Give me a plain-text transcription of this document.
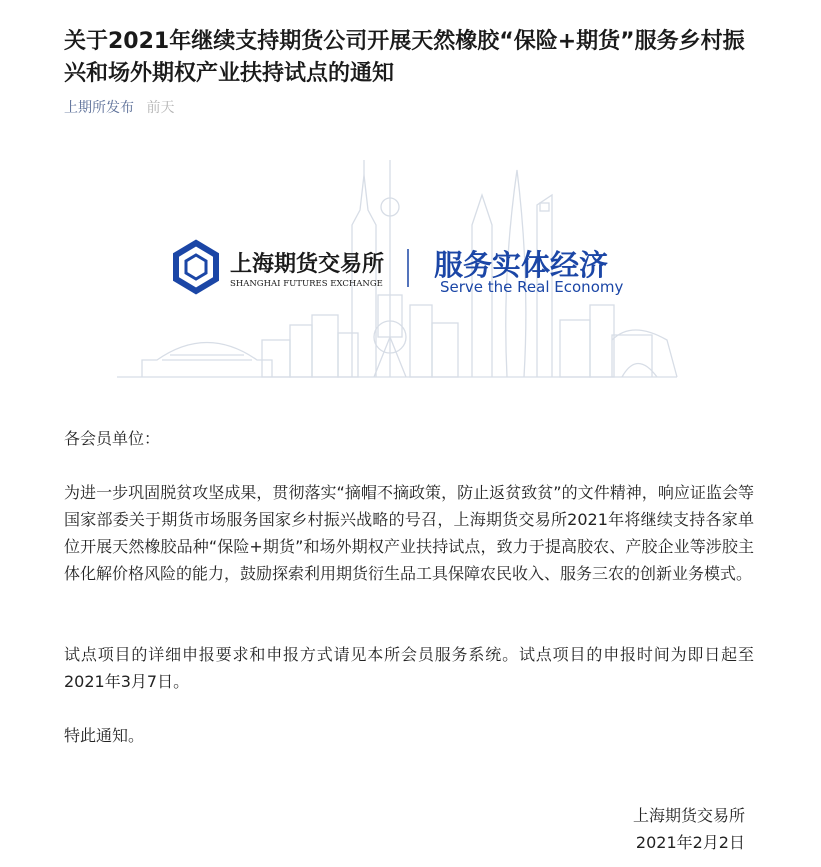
关于2021年继续支持期货公司开展天然橡胶“保险+期货”服务乡村振兴和场外期权产业扶持试点的通知
上期所发布 前天
上海期货交易所
SHANGHAI FUTURES EXCHANGE
服务实体经济
Serve the Real Economy

各会员单位：

为进一步巩固脱贫攻坚成果，贯彻落实“摘帽不摘政策，防止返贫致贫”的文件精神，响应证监会等国家部委关于期货市场服务国家乡村振兴战略的号召，上海期货交易所2021年将继续支持各家单位开展天然橡胶品种“保险+期货”和场外期权产业扶持试点，致力于提高胶农、产胶企业等涉胶主体化解价格风险的能力，鼓励探索利用期货衍生品工具保障农民收入、服务三农的创新业务模式。

试点项目的详细申报要求和申报方式请见本所会员服务系统。试点项目的申报时间为即日起至2021年3月7日。

特此通知。

上海期货交易所
2021年2月2日
